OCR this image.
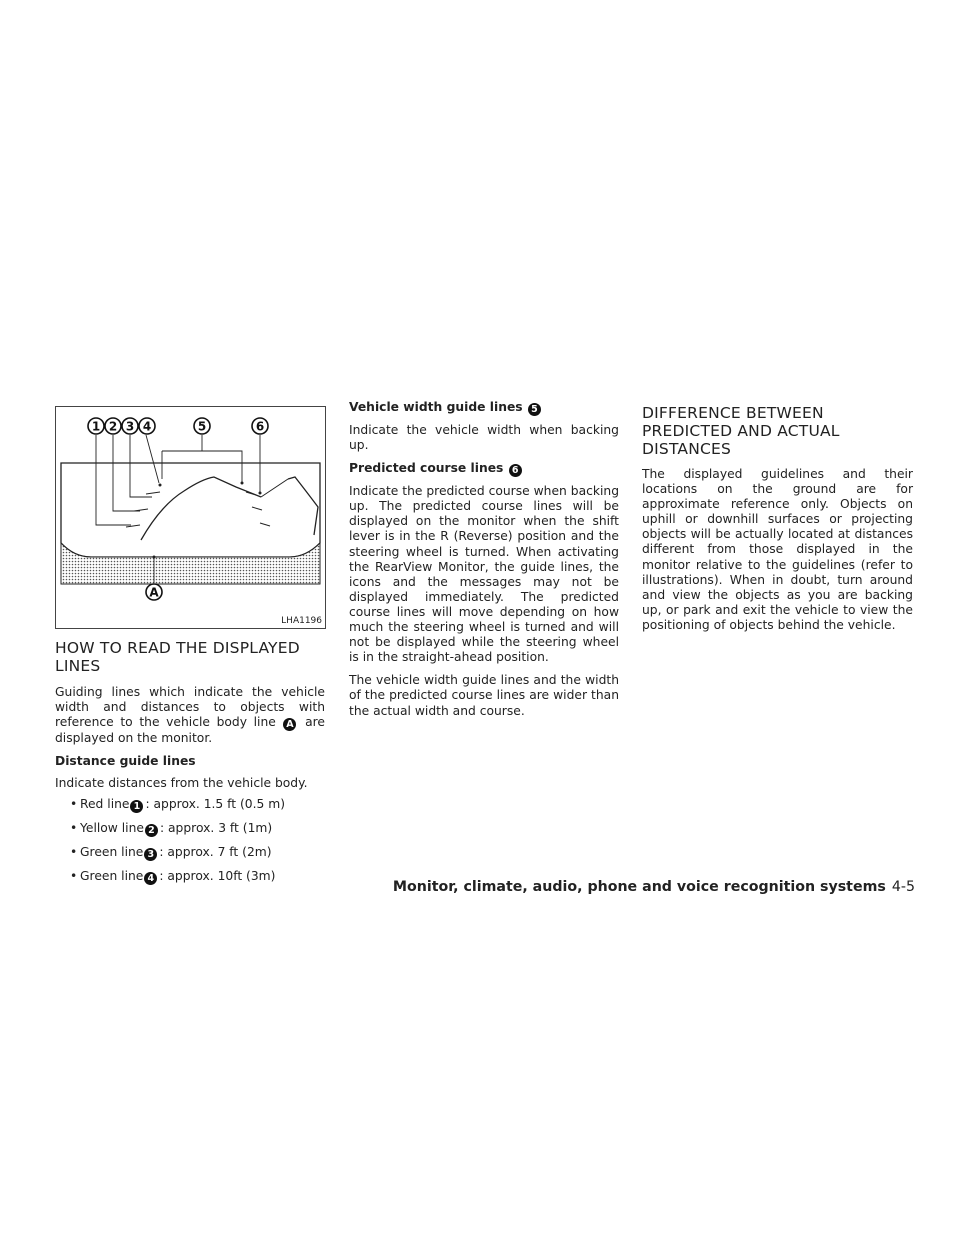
1 2 3 4	5	6
A
LHA1196
HOW TO READ THE DISPLAYED LINES

Guiding lines which indicate the vehicle width and distances to objects with reference to the vehicle body line A are displayed on the monitor.

Distance guide lines

Indicate distances from the vehicle body.

• Red line 1 : approx. 1.5 ft (0.5 m)
• Yellow line 2 : approx. 3 ft (1m)
• Green line 3 : approx. 7 ft (2m)
• Green line 4 : approx. 10ft (3m)
Vehicle width guide lines 5

Indicate the vehicle width when backing up.

Predicted course lines 6

Indicate the predicted course when backing up. The predicted course lines will be displayed on the monitor when the shift lever is in the R (Reverse) position and the steering wheel is turned. When activating the RearView Monitor, the guide lines, the icons and the messages may not be displayed immediately. The predicted course lines will move depending on how much the steering wheel is turned and will not be displayed while the steering wheel is in the straight-ahead position.

The vehicle width guide lines and the width of the predicted course lines are wider than the actual width and course.

DIFFERENCE BETWEEN PREDICTED AND ACTUAL DISTANCES

The displayed guidelines and their locations on the ground are for approximate reference only. Objects on uphill or downhill surfaces or projecting objects will be actually located at distances different from those displayed in the monitor relative to the guidelines (refer to illustrations). When in doubt, turn around and view the objects as you are backing up, or park and exit the vehicle to view the positioning of objects behind the vehicle.

Monitor, climate, audio, phone and voice recognition systems 4-5
